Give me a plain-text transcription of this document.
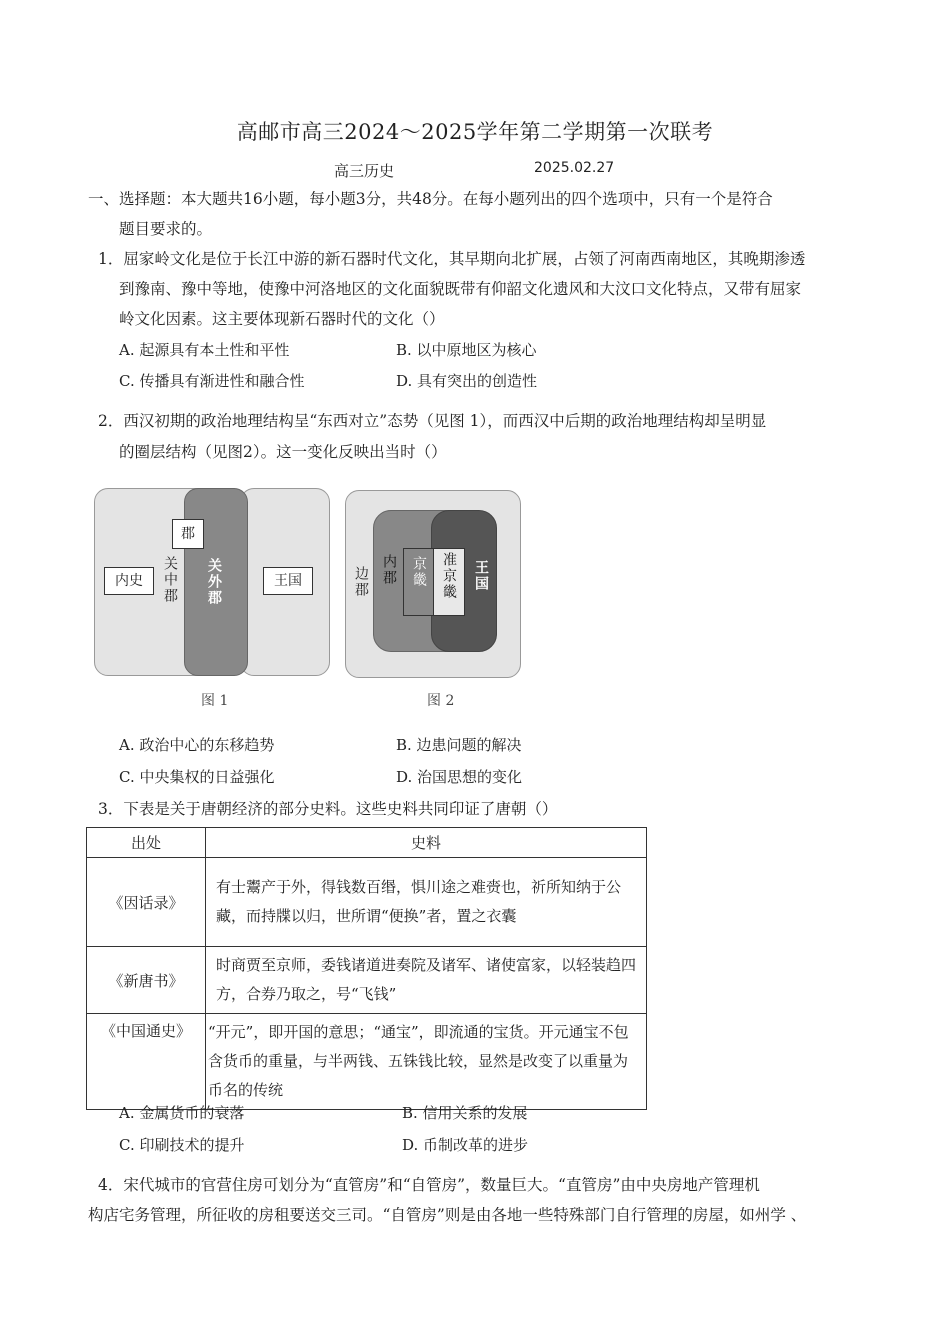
高邮市高三2024～2025学年第二学期第一次联考
高三历史	2025.02.27
一、选择题：本大题共16小题，每小题3分，共48分。在每小题列出的四个选项中，只有一个是符合
题目要求的。
1．屈家岭文化是位于长江中游的新石器时代文化，其早期向北扩展，占领了河南西南地区，其晚期渗透
到豫南、豫中等地，使豫中河洛地区的文化面貌既带有仰韶文化遗风和大汶口文化特点，又带有屈家
岭文化因素。这主要体现新石器时代的文化（）
A. 起源具有本土性和平性	B. 以中原地区为核心
C. 传播具有渐进性和融合性	D. 具有突出的创造性
2．西汉初期的政治地理结构呈“东西对立”态势（见图 1），而西汉中后期的政治地理结构却呈明显
的圈层结构（见图2）。这一变化反映出当时（）
内史
郡
关中郡 关外郡	王国
图 1
边郡 内郡 京畿 准京畿 王国
图 2
A. 政治中心的东移趋势	B. 边患问题的解决
C. 中央集权的日益强化	D. 治国思想的变化
3．下表是关于唐朝经济的部分史料。这些史料共同印证了唐朝（）
出处	史料
《因话录》	有士鬻产于外，得钱数百缗，惧川途之难赍也，祈所知纳于公藏，而持牒以归，世所谓“便换”者，置之衣囊
《新唐书》	时商贾至京师，委钱诸道进奏院及诸军、诸使富家，以轻装趋四方，合券乃取之，号“飞钱”
《中国通史》	“开元”，即开国的意思；“通宝”，即流通的宝货。开元通宝不包含货币的重量，与半两钱、五铢钱比较，显然是改变了以重量为币名的传统
A. 金属货币的衰落	B. 信用关系的发展
C. 印刷技术的提升	D. 币制改革的进步
4．宋代城市的官营住房可划分为“直管房”和“自管房”，数量巨大。“直管房”由中央房地产管理机
构店宅务管理，所征收的房租要送交三司。“自管房”则是由各地一些特殊部门自行管理的房屋，如州学 、
